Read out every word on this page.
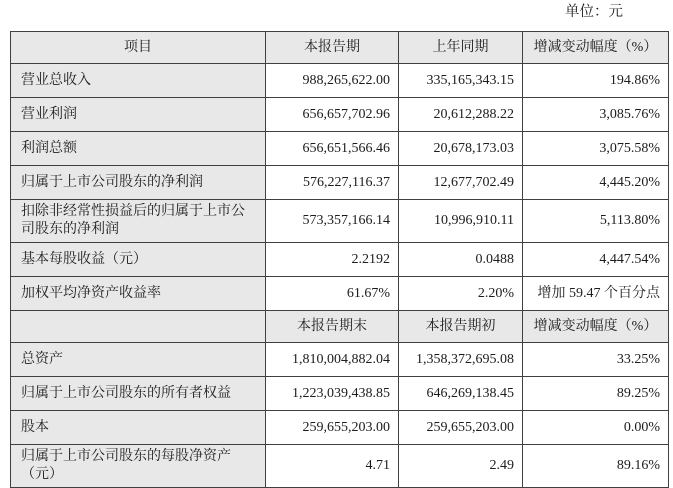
单位：元
项目	本报告期	上年同期	增减变动幅度（%）
营业总收入	988,265,622.00	335,165,343.15	194.86%
营业利润	656,657,702.96	20,612,288.22	3,085.76%
利润总额	656,651,566.46	20,678,173.03	3,075.58%
归属于上市公司股东的净利润	576,227,116.37	12,677,702.49	4,445.20%
扣除非经常性损益后的归属于上市公司股东的净利润	573,357,166.14	10,996,910.11	5,113.80%
基本每股收益（元）	2.2192	0.0488	4,447.54%
加权平均净资产收益率	61.67%	2.20%	增加 59.47 个百分点
	本报告期末	本报告期初	增减变动幅度（%）
总资产	1,810,004,882.04	1,358,372,695.08	33.25%
归属于上市公司股东的所有者权益	1,223,039,438.85	646,269,138.45	89.25%
股本	259,655,203.00	259,655,203.00	0.00%
归属于上市公司股东的每股净资产（元）	4.71	2.49	89.16%
